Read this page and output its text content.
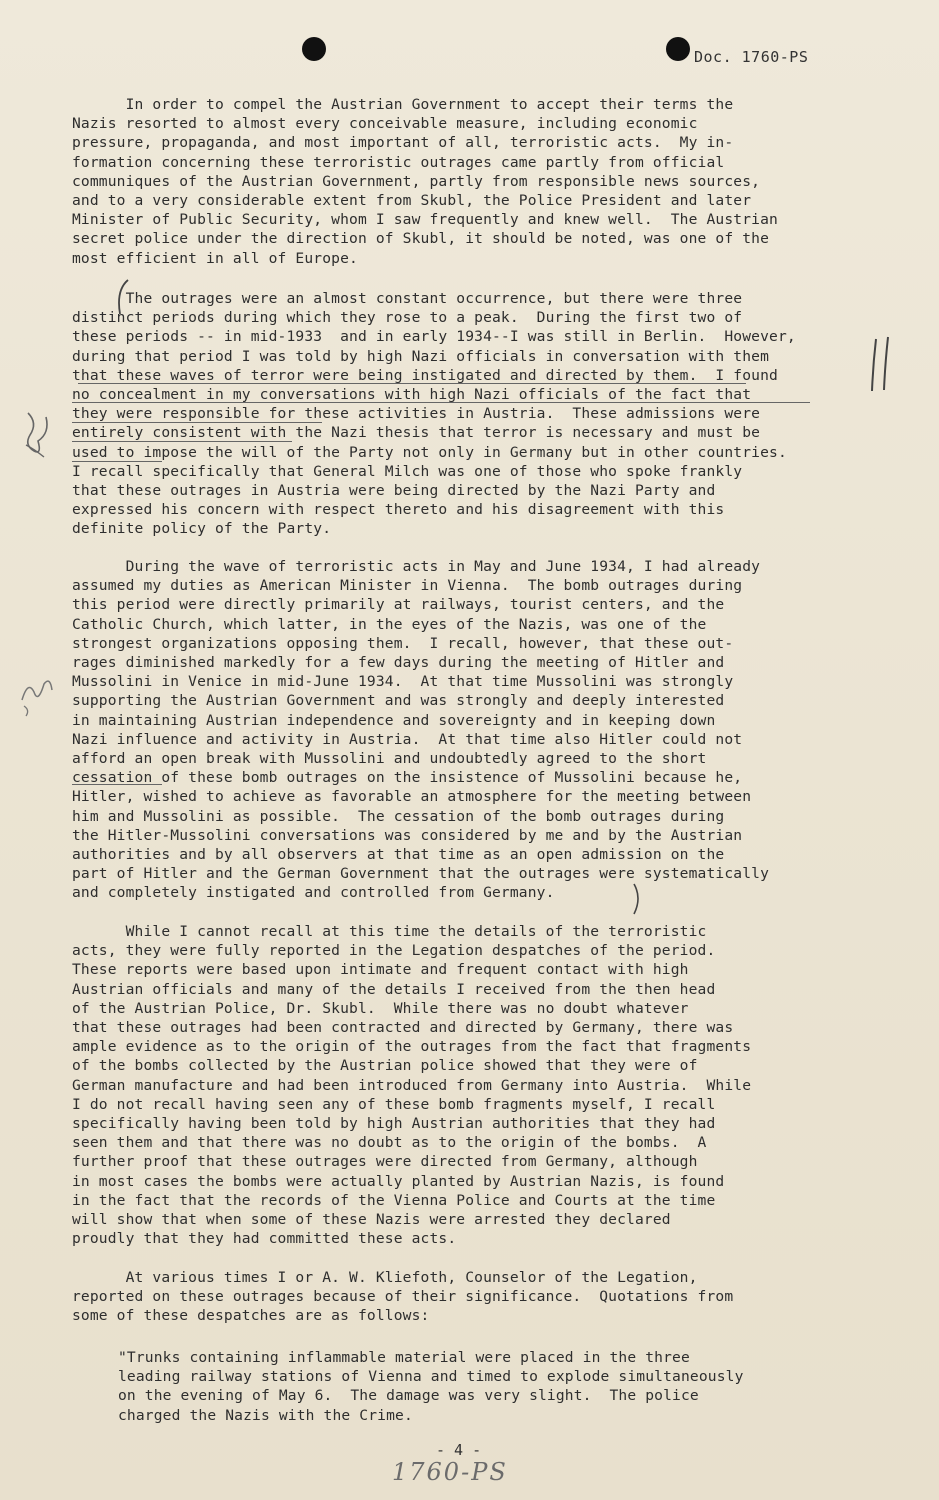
Doc. 1760-PS
In order to compel the Austrian Government to accept their terms the
Nazis resorted to almost every conceivable measure, including economic
pressure, propaganda, and most important of all, terroristic acts.  My in-
formation concerning these terroristic outrages came partly from official
communiques of the Austrian Government, partly from responsible news sources,
and to a very considerable extent from Skubl, the Police President and later
Minister of Public Security, whom I saw frequently and knew well.  The Austrian
secret police under the direction of Skubl, it should be noted, was one of the
most efficient in all of Europe.
The outrages were an almost constant occurrence, but there were three
distinct periods during which they rose to a peak.  During the first two of
these periods -- in mid-1933  and in early 1934--I was still in Berlin.  However,
during that period I was told by high Nazi officials in conversation with them
that these waves of terror were being instigated and directed by them.  I found
no concealment in my conversations with high Nazi officials of the fact that
they were responsible for these activities in Austria.  These admissions were
entirely consistent with the Nazi thesis that terror is necessary and must be
used to impose the will of the Party not only in Germany but in other countries.
I recall specifically that General Milch was one of those who spoke frankly
that these outrages in Austria were being directed by the Nazi Party and
expressed his concern with respect thereto and his disagreement with this
definite policy of the Party.
During the wave of terroristic acts in May and June 1934, I had already
assumed my duties as American Minister in Vienna.  The bomb outrages during
this period were directly primarily at railways, tourist centers, and the
Catholic Church, which latter, in the eyes of the Nazis, was one of the
strongest organizations opposing them.  I recall, however, that these out-
rages diminished markedly for a few days during the meeting of Hitler and
Mussolini in Venice in mid-June 1934.  At that time Mussolini was strongly
supporting the Austrian Government and was strongly and deeply interested
in maintaining Austrian independence and sovereignty and in keeping down
Nazi influence and activity in Austria.  At that time also Hitler could not
afford an open break with Mussolini and undoubtedly agreed to the short
cessation of these bomb outrages on the insistence of Mussolini because he,
Hitler, wished to achieve as favorable an atmosphere for the meeting between
him and Mussolini as possible.  The cessation of the bomb outrages during
the Hitler-Mussolini conversations was considered by me and by the Austrian
authorities and by all observers at that time as an open admission on the
part of Hitler and the German Government that the outrages were systematically
and completely instigated and controlled from Germany.
While I cannot recall at this time the details of the terroristic
acts, they were fully reported in the Legation despatches of the period.
These reports were based upon intimate and frequent contact with high
Austrian officials and many of the details I received from the then head
of the Austrian Police, Dr. Skubl.  While there was no doubt whatever
that these outrages had been contracted and directed by Germany, there was
ample evidence as to the origin of the outrages from the fact that fragments
of the bombs collected by the Austrian police showed that they were of
German manufacture and had been introduced from Germany into Austria.  While
I do not recall having seen any of these bomb fragments myself, I recall
specifically having been told by high Austrian authorities that they had
seen them and that there was no doubt as to the origin of the bombs.  A
further proof that these outrages were directed from Germany, although
in most cases the bombs were actually planted by Austrian Nazis, is found
in the fact that the records of the Vienna Police and Courts at the time
will show that when some of these Nazis were arrested they declared
proudly that they had committed these acts.
At various times I or A. W. Kliefoth, Counselor of the Legation,
reported on these outrages because of their significance.  Quotations from
some of these despatches are as follows:
"Trunks containing inflammable material were placed in the three
leading railway stations of Vienna and timed to explode simultaneously
on the evening of May 6.  The damage was very slight.  The police
charged the Nazis with the Crime.
- 4 -
1760-PS
